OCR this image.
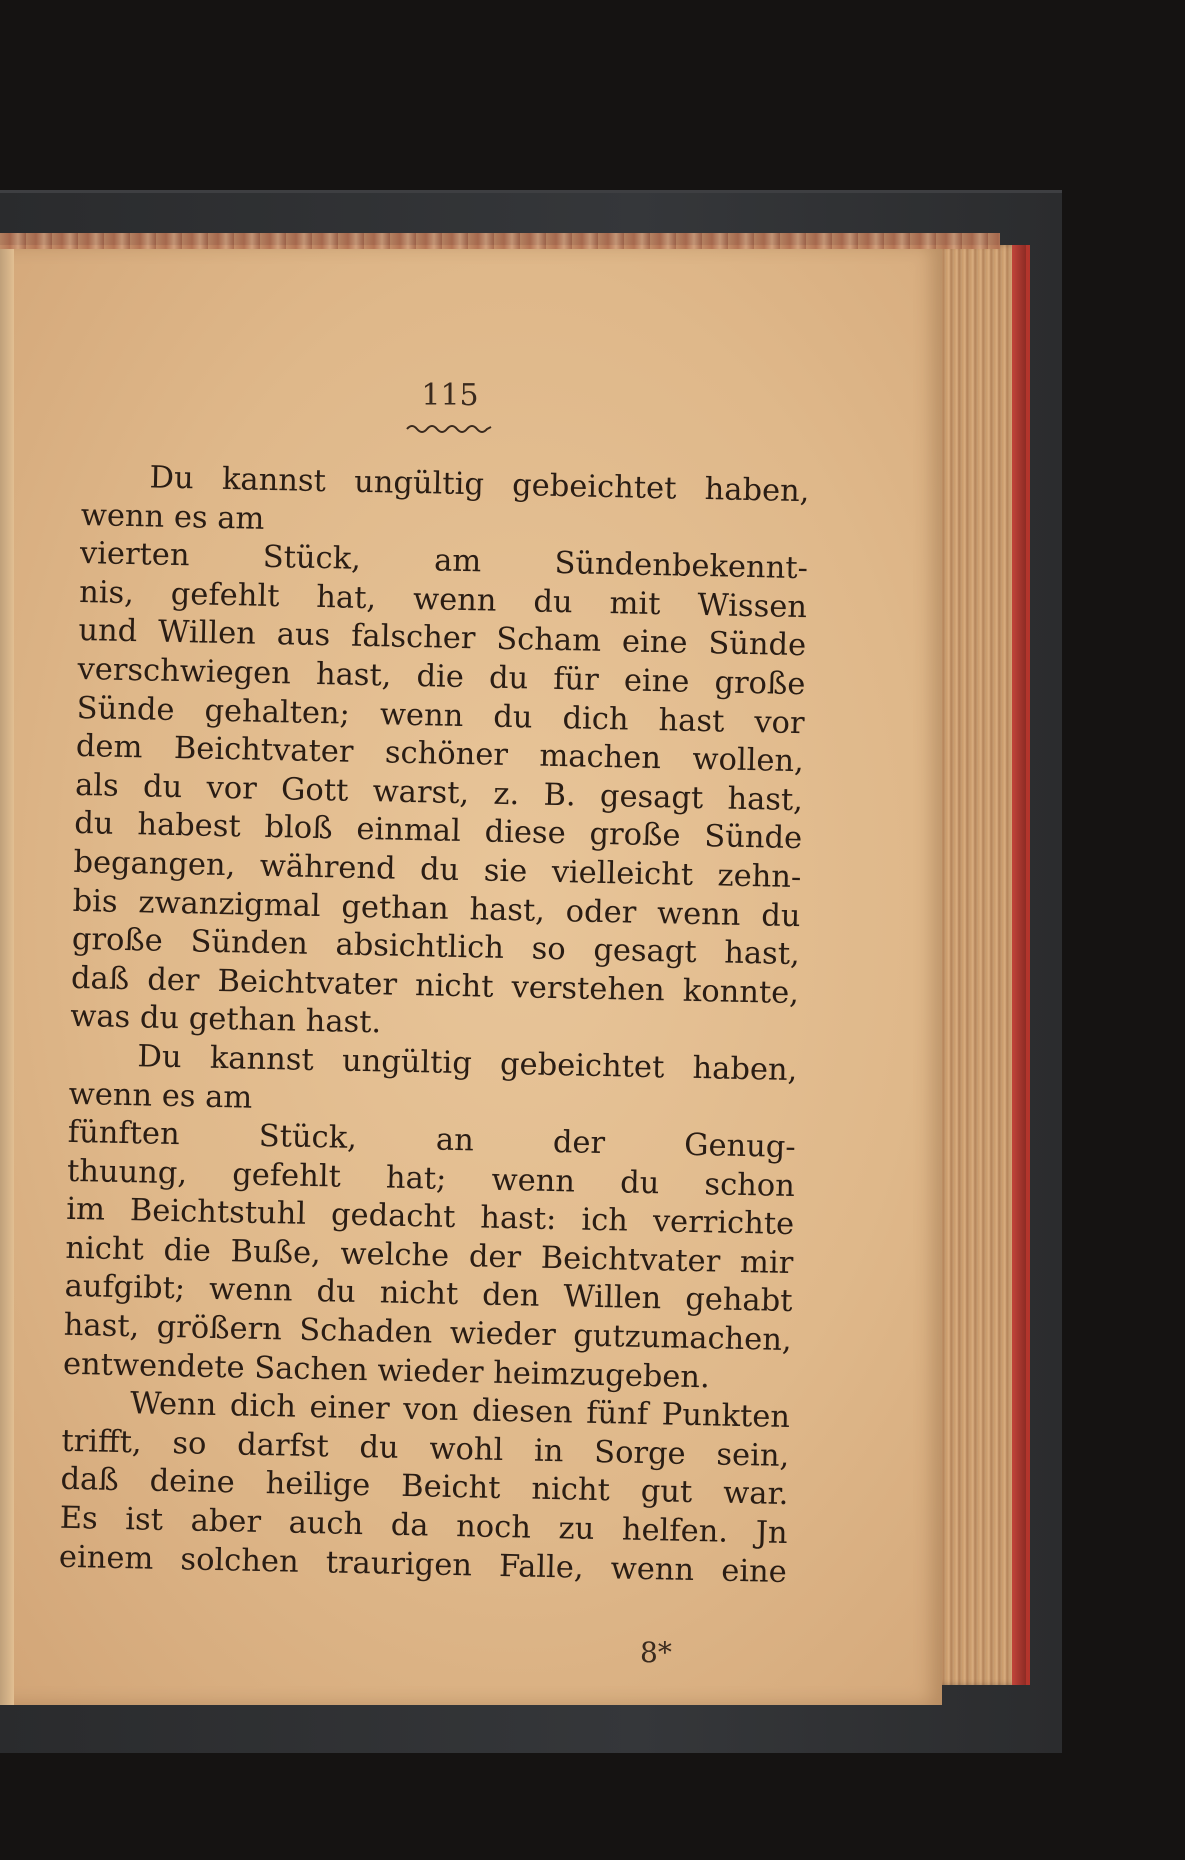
115
Du kannst ungültig gebeichtet haben,
wenn es am
vierten Stück, am Sündenbekennt-
nis, gefehlt hat, wenn du mit Wissen
und Willen aus falscher Scham eine Sünde
verschwiegen hast, die du für eine große
Sünde gehalten; wenn du dich hast vor
dem Beichtvater schöner machen wollen,
als du vor Gott warst, z. B. gesagt hast,
du habest bloß einmal diese große Sünde
begangen, während du sie vielleicht zehn-
bis zwanzigmal gethan hast, oder wenn du
große Sünden absichtlich so gesagt hast,
daß der Beichtvater nicht verstehen konnte,
was du gethan hast.
Du kannst ungültig gebeichtet haben,
wenn es am
fünften	Stück,	an	der	Genug-
thuung, gefehlt hat; wenn du schon
im Beichtstuhl gedacht hast: ich verrichte
nicht die Buße, welche der Beichtvater mir
aufgibt; wenn du nicht den Willen gehabt
hast, größern Schaden wieder gutzumachen,
entwendete Sachen wieder heimzugeben.
Wenn dich einer von diesen fünf Punkten
trifft, so darfst du wohl in Sorge sein,
daß deine heilige Beicht nicht gut war.
Es ist aber auch da noch zu helfen. Jn
einem solchen traurigen Falle, wenn eine
8*
